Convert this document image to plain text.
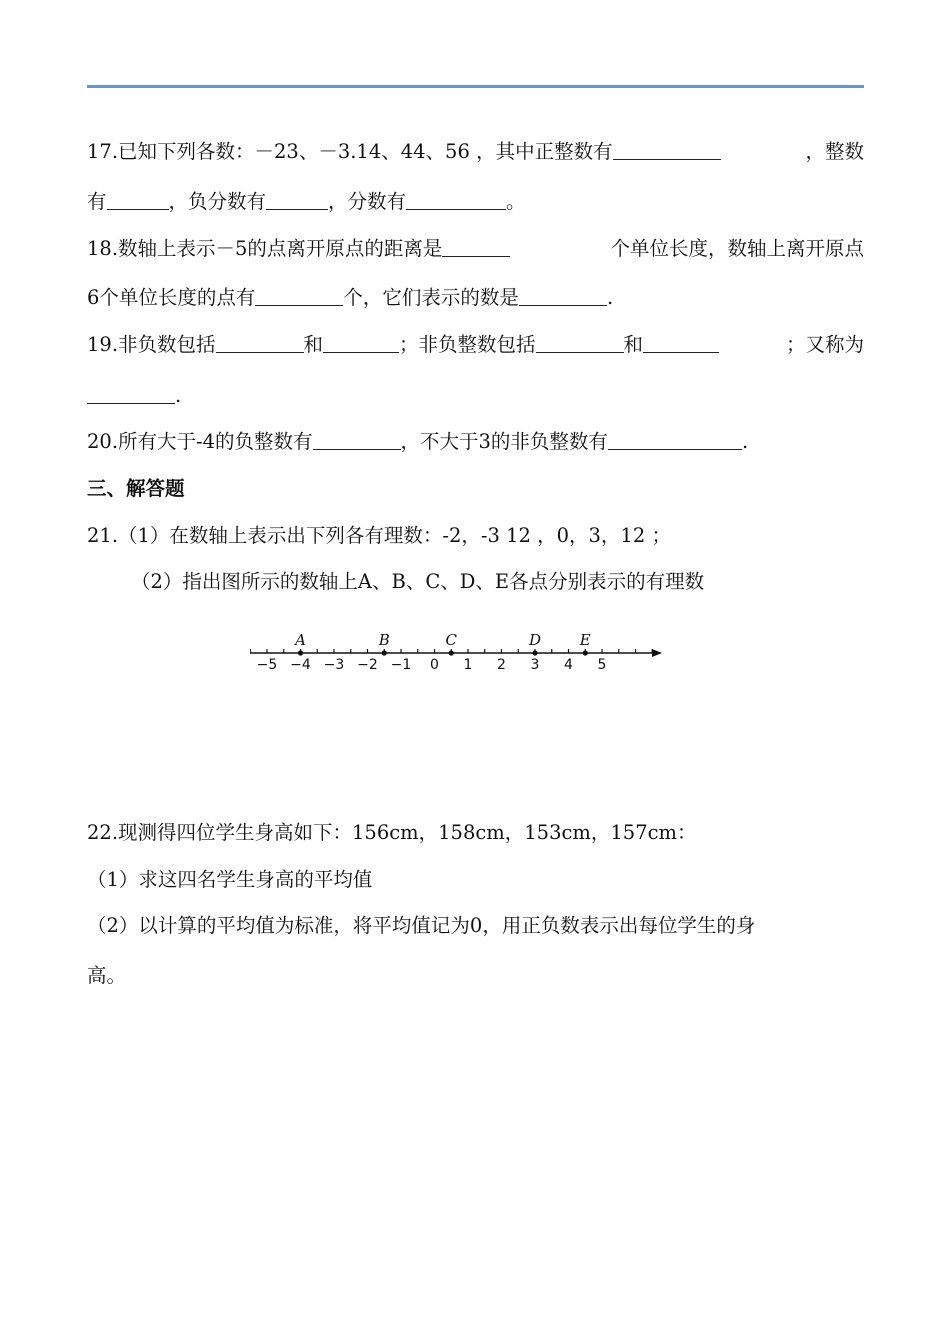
17.已知下列各数：－23、－3.14、44、56 ，其中正整数有	，整数
有	，负分数有	，分数有	。
18.数轴上表示－5的点离开原点的距离是	个单位长度，数轴上离开原点
6个单位长度的点有	个，它们表示的数是	.
19.非负数包括	和	；非负整数包括	和	；又称为
.
20.所有大于-4的负整数有	，不大于3的非负整数有	.
三、解答题
21.（1）在数轴上表示出下列各有理数：-2，-3 12 ，0，3，12 ；
（2）指出图所示的数轴上A、B、C、D、E各点分别表示的有理数
−5 −4 −3 −2 −1 0 1 2 3 4 5
A	B	C	D	E
22.现测得四位学生身高如下：156cm，158cm，153cm，157cm：
（1）求这四名学生身高的平均值
（2）以计算的平均值为标准，将平均值记为0，用正负数表示出每位学生的身
高。
